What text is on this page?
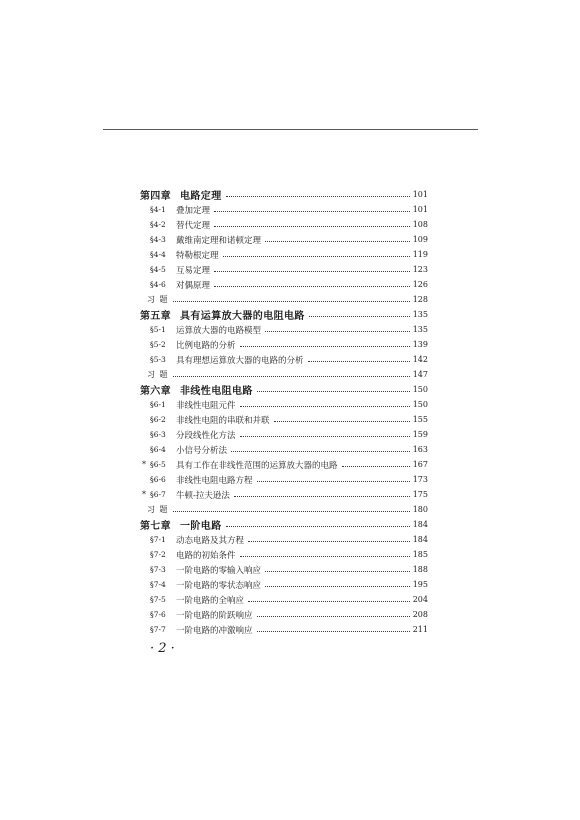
第四章 电路定理	101
§4-1	叠加定理	101
§4-2	替代定理	108
§4-3	戴维南定理和诺顿定理	109
§4-4	特勒根定理	119
§4-5	互易定理	123
§4-6	对偶原理	126
习 题	128
第五章 具有运算放大器的电阻电路	135
§5-1	运算放大器的电路模型	135
§5-2	比例电路的分析	139
§5-3	具有理想运算放大器的电路的分析	142
习 题	147
第六章 非线性电阻电路	150
§6-1	非线性电阻元件	150
§6-2	非线性电阻的串联和并联	155
§6-3	分段线性化方法	159
§6-4	小信号分析法	163
* §6-5	具有工作在非线性范围的运算放大器的电路	167
§6-6	非线性电阻电路方程	173
* §6-7	牛顿-拉夫逊法	175
习 题	180
第七章 一阶电路	184
§7-1	动态电路及其方程	184
§7-2	电路的初始条件	185
§7-3	一阶电路的零输入响应	188
§7-4	一阶电路的零状态响应	195
§7-5	一阶电路的全响应	204
§7-6	一阶电路的阶跃响应	208
§7-7	一阶电路的冲激响应	211
· 2 ·
